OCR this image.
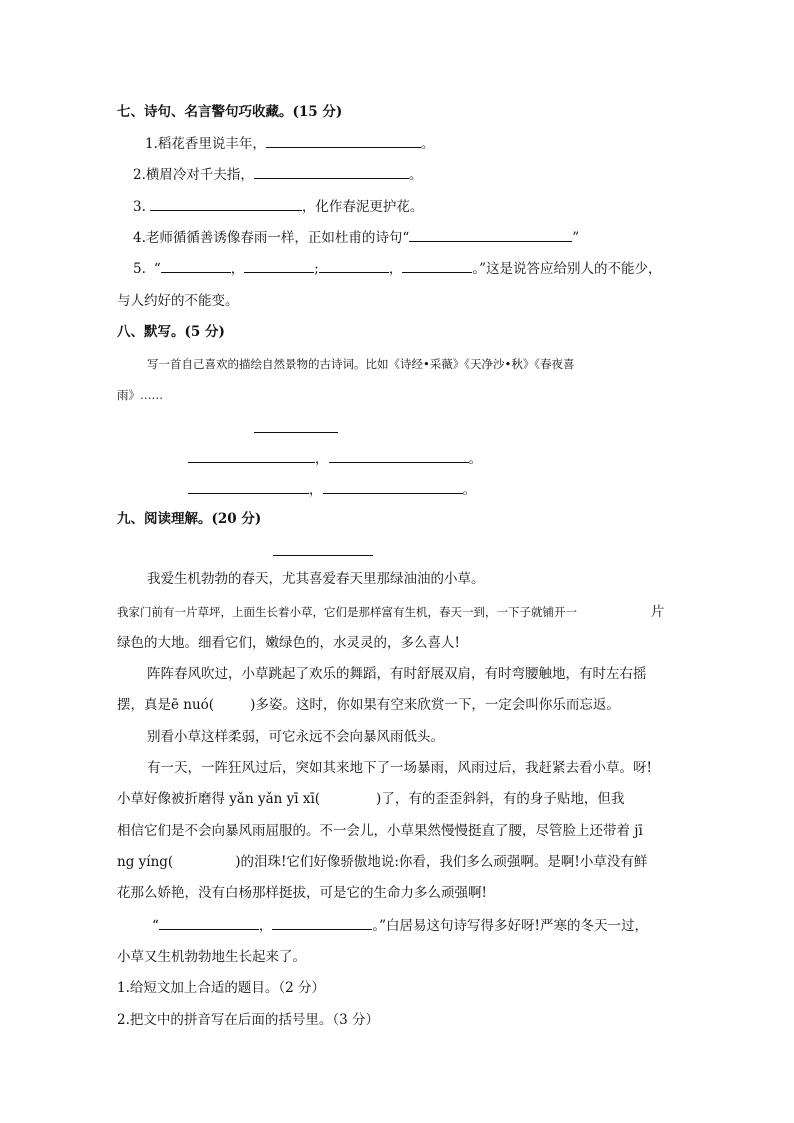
七、诗句、名言警句巧收藏。(15 分)
1.稻花香里说丰年，	。
2.横眉冷对千夫指，	。
3.	，化作春泥更护花。
4.老师循循善诱像春雨一样，正如杜甫的诗句“	”
5. “	，	;	，	。”这是说答应给别人的不能少，
与人约好的不能变。
八、默写。(5 分)
写一首自己喜欢的描绘自然景物的古诗词。比如《诗经•采薇》《天净沙•秋》《春夜喜
雨》……
，	。
，	。
九、阅读理解。(20 分)
我爱生机勃勃的春天，尤其喜爱春天里那绿油油的小草。
我家门前有一片草坪，上面生长着小草，它们是那样富有生机，春天一到，一下子就铺开一	片
绿色的大地。细看它们，嫩绿色的，水灵灵的，多么喜人!
阵阵春风吹过，小草跳起了欢乐的舞蹈，有时舒展双肩，有时弯腰触地，有时左右摇
摆，真是ē nuó(	)多姿。这时，你如果有空来欣赏一下，一定会叫你乐而忘返。
别看小草这样柔弱，可它永远不会向暴风雨低头。
有一天，一阵狂风过后，突如其来地下了一场暴雨，风雨过后，我赶紧去看小草。呀!
小草好像被折磨得 yǎn yǎn yī xī(	)了，有的歪歪斜斜，有的身子贴地，但我
相信它们是不会向暴风雨屈服的。不一会儿，小草果然慢慢挺直了腰，尽管脸上还带着 jī
ng yíng(	)的泪珠!它们好像骄傲地说:你看，我们多么顽强啊。是啊!小草没有鲜
花那么娇艳，没有白杨那样挺拔，可是它的生命力多么顽强啊!
“	，	。”白居易这句诗写得多好呀!严寒的冬天一过，
小草又生机勃勃地生长起来了。
1.给短文加上合适的题目。（2 分）
2.把文中的拼音写在后面的括号里。（3 分）
